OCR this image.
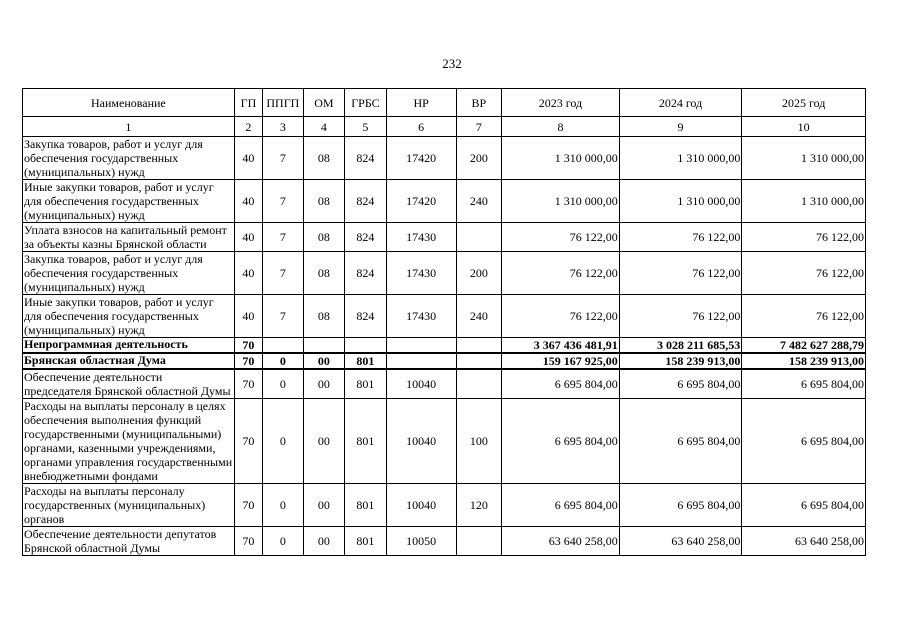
232
Наименование	ГП	ППГП	ОМ	ГРБС	НР	ВР	2023 год	2024 год	2025 год
1	2	3	4	5	6	7	8	9	10
Закупка товаров, работ и услуг для обеспечения государственных (муниципальных) нужд	40	7	08	824	17420	200	1 310 000,00	1 310 000,00	1 310 000,00
Иные закупки товаров, работ и услуг для обеспечения государственных (муниципальных) нужд	40	7	08	824	17420	240	1 310 000,00	1 310 000,00	1 310 000,00
Уплата взносов на капитальный ремонт за объекты казны Брянской области	40	7	08	824	17430		76 122,00	76 122,00	76 122,00
Закупка товаров, работ и услуг для обеспечения государственных (муниципальных) нужд	40	7	08	824	17430	200	76 122,00	76 122,00	76 122,00
Иные закупки товаров, работ и услуг для обеспечения государственных (муниципальных) нужд	40	7	08	824	17430	240	76 122,00	76 122,00	76 122,00
Непрограммная деятельность	70						3 367 436 481,91	3 028 211 685,53	7 482 627 288,79
Брянская областная Дума	70	0	00	801			159 167 925,00	158 239 913,00	158 239 913,00
Обеспечение деятельности председателя Брянской областной Думы	70	0	00	801	10040		6 695 804,00	6 695 804,00	6 695 804,00
Расходы на выплаты персоналу в целях обеспечения выполнения функций государственными (муниципальными) органами, казенными учреждениями, органами управления государственными внебюджетными фондами	70	0	00	801	10040	100	6 695 804,00	6 695 804,00	6 695 804,00
Расходы на выплаты персоналу государственных (муниципальных) органов	70	0	00	801	10040	120	6 695 804,00	6 695 804,00	6 695 804,00
Обеспечение деятельности депутатов Брянской областной Думы	70	0	00	801	10050		63 640 258,00	63 640 258,00	63 640 258,00
